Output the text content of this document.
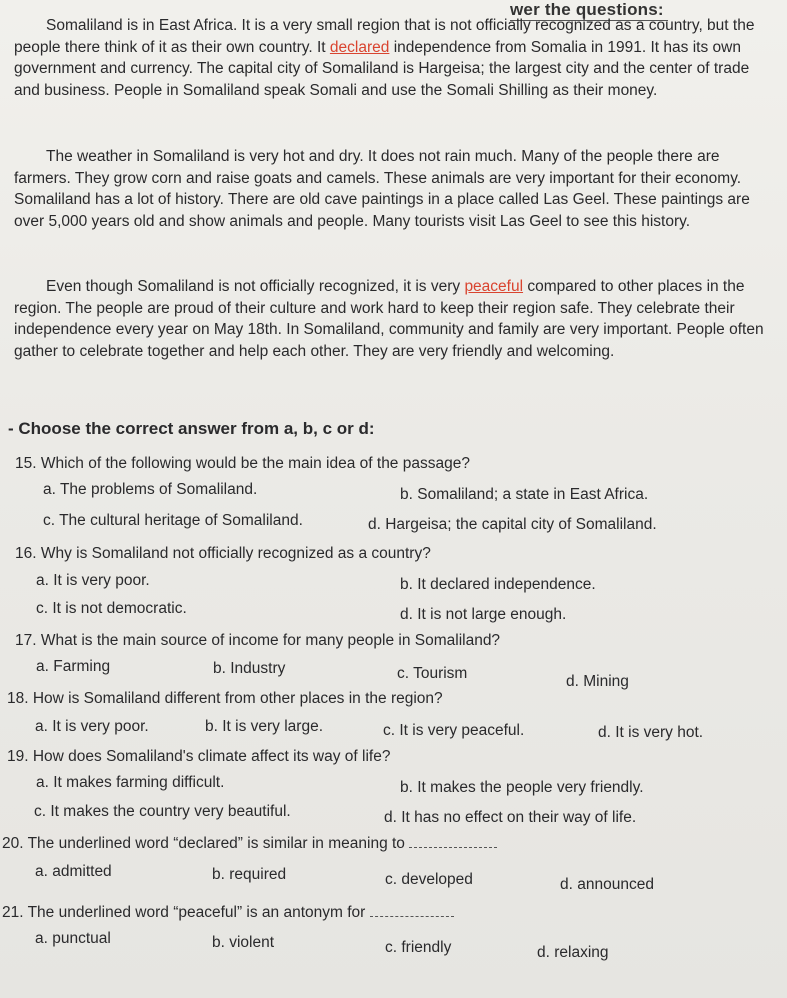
wer the questions:

Somaliland is in East Africa. It is a very small region that is not officially recognized as a country, but the people there think of it as their own country. It declared independence from Somalia in 1991. It has its own government and currency. The capital city of Somaliland is Hargeisa; the largest city and the center of trade and business. People in Somaliland speak Somali and use the Somali Shilling as their money.

The weather in Somaliland is very hot and dry. It does not rain much. Many of the people there are farmers. They grow corn and raise goats and camels. These animals are very important for their economy. Somaliland has a lot of history. There are old cave paintings in a place called Las Geel. These paintings are over 5,000 years old and show animals and people. Many tourists visit Las Geel to see this history.

Even though Somaliland is not officially recognized, it is very peaceful compared to other places in the region. The people are proud of their culture and work hard to keep their region safe. They celebrate their independence every year on May 18th. In Somaliland, community and family are very important. People often gather to celebrate together and help each other. They are very friendly and welcoming.

- Choose the correct answer from a, b, c or d:
15. Which of the following would be the main idea of the passage?
a. The problems of Somaliland.	b. Somaliland; a state in East Africa.
c. The cultural heritage of Somaliland.	d. Hargeisa; the capital city of Somaliland.
16. Why is Somaliland not officially recognized as a country?
a. It is very poor.	b. It declared independence.
c. It is not democratic.	d. It is not large enough.
17. What is the main source of income for many people in Somaliland?
a. Farming	b. Industry	c. Tourism	d. Mining
18. How is Somaliland different from other places in the region?
a. It is very poor.	b. It is very large.	c. It is very peaceful.	d. It is very hot.
19. How does Somaliland's climate affect its way of life?
a. It makes farming difficult.	b. It makes the people very friendly.
c. It makes the country very beautiful.	d. It has no effect on their way of life.
20. The underlined word “declared” is similar in meaning to
a. admitted	b. required	c. developed	d. announced
21. The underlined word “peaceful” is an antonym for
a. punctual	b. violent	c. friendly	d. relaxing
